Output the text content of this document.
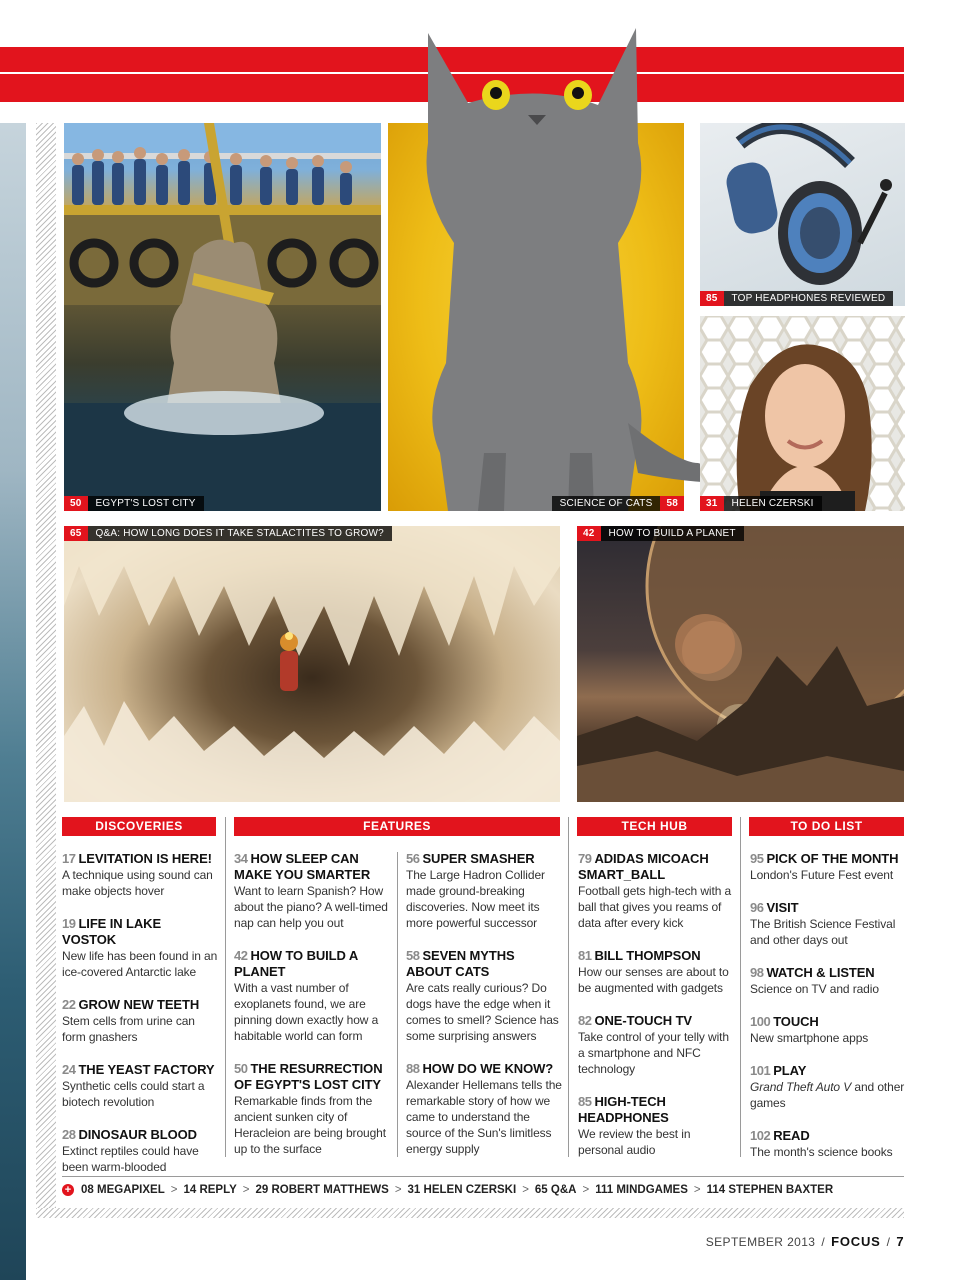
50	EGYPT'S LOST CITY	SCIENCE OF CATS	58
85	TOP HEADPHONES REVIEWED
31	HELEN CZERSKI
65	Q&A: HOW LONG DOES IT TAKE STALACTITES TO GROW?	42	HOW TO BUILD A PLANET
DISCOVERIES	FEATURES	TECH HUB	TO DO LIST
17 LEVITATION IS HERE!
A technique using sound can make objects hover
19 LIFE IN LAKE VOSTOK
New life has been found in an ice-covered Antarctic lake
22 GROW NEW TEETH
Stem cells from urine can form gnashers
24 THE YEAST FACTORY
Synthetic cells could start a biotech revolution
28 DINOSAUR BLOOD
Extinct reptiles could have been warm-blooded
34 HOW SLEEP CAN MAKE YOU SMARTER
Want to learn Spanish? How about the piano? A well-timed nap can help you out
42 HOW TO BUILD A PLANET
With a vast number of exoplanets found, we are pinning down exactly how a habitable world can form
50 THE RESURRECTION OF EGYPT'S LOST CITY
Remarkable finds from the ancient sunken city of Heracleion are being brought up to the surface
56 SUPER SMASHER
The Large Hadron Collider made ground-breaking discoveries. Now meet its more powerful successor
58 SEVEN MYTHS ABOUT CATS
Are cats really curious? Do dogs have the edge when it comes to smell? Science has some surprising answers
88 HOW DO WE KNOW?
Alexander Hellemans tells the remarkable story of how we came to understand the source of the Sun's limitless energy supply
79 ADIDAS MICOACH SMART_BALL
Football gets high-tech with a ball that gives you reams of data after every kick
81 BILL THOMPSON
How our senses are about to be augmented with gadgets
82 ONE-TOUCH TV
Take control of your telly with a smartphone and NFC technology
85 HIGH-TECH HEADPHONES
We review the best in personal audio
95 PICK OF THE MONTH
London's Future Fest event
96 VISIT
The British Science Festival and other days out
98 WATCH & LISTEN
Science on TV and radio
100 TOUCH
New smartphone apps
101 PLAY
Grand Theft Auto V and other games
102 READ
The month's science books
+ 08 MEGAPIXEL > 14 REPLY > 29 ROBERT MATTHEWS > 31 HELEN CZERSKI > 65 Q&A > 111 MINDGAMES > 114 STEPHEN BAXTER
SEPTEMBER 2013 / FOCUS / 7
